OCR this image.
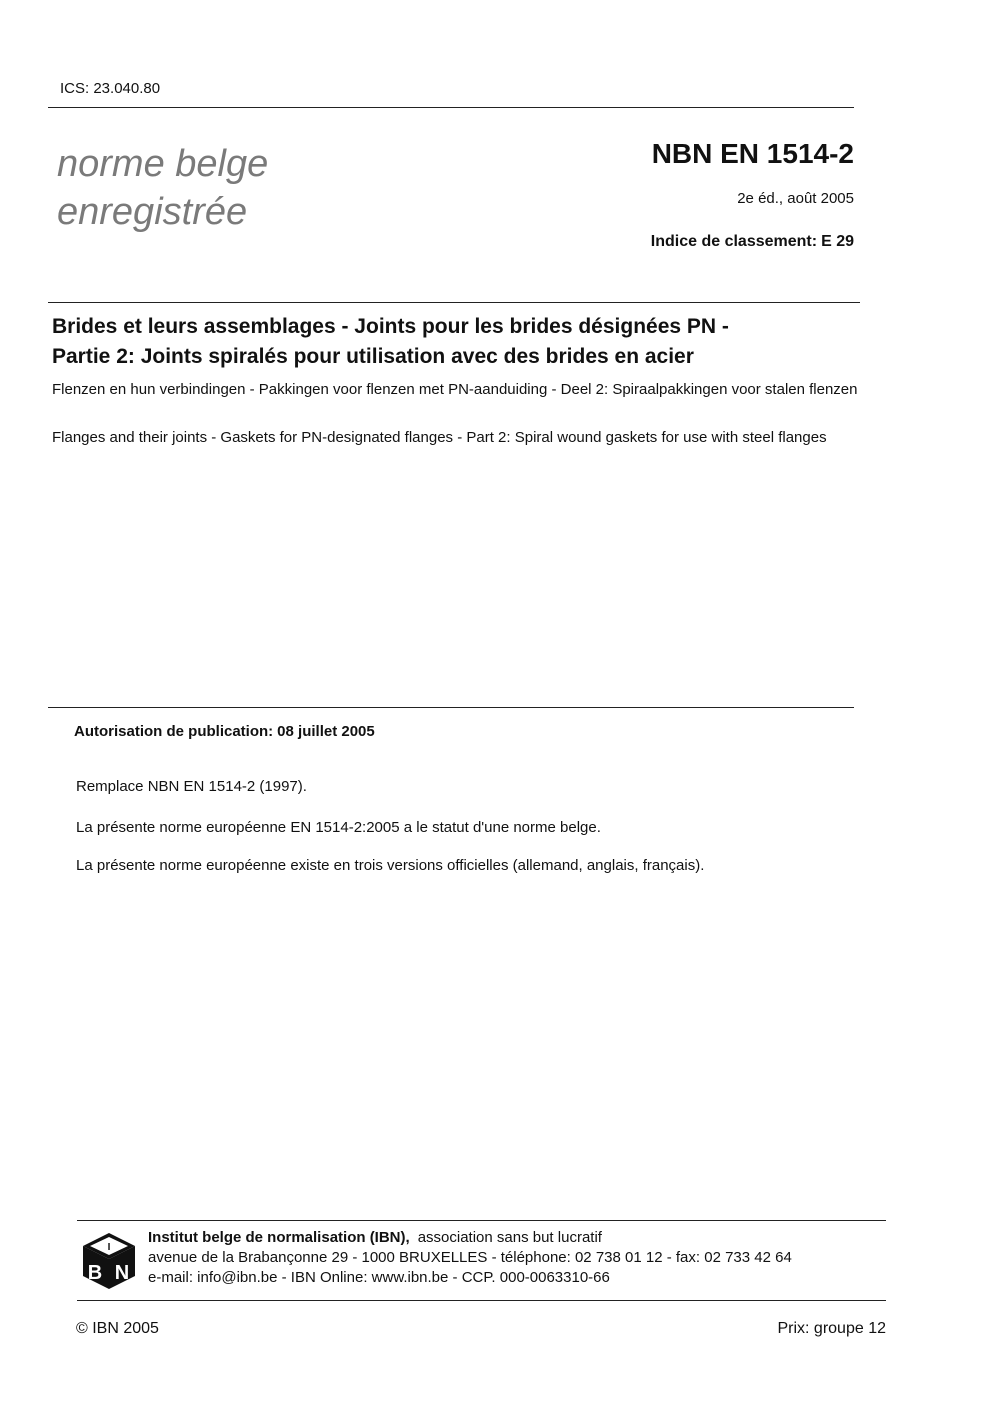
ICS: 23.040.80
norme belge
enregistrée
NBN EN 1514-2
2e éd., août 2005
Indice de classement: E 29
Brides et leurs assemblages - Joints pour les brides désignées PN -
Partie 2: Joints spiralés pour utilisation avec des brides en acier
Flenzen en hun verbindingen - Pakkingen voor flenzen met PN-aanduiding - Deel 2: Spiraalpakkingen voor stalen flenzen
Flanges and their joints - Gaskets for PN-designated flanges - Part 2: Spiral wound gaskets for use with steel flanges
Autorisation de publication: 08 juillet 2005
Remplace NBN EN 1514-2 (1997).
La présente norme européenne EN 1514-2:2005 a le statut d'une norme belge.
La présente norme européenne existe en trois versions officielles (allemand, anglais, français).
I
B N
Institut belge de normalisation (IBN), association sans but lucratif
avenue de la Brabançonne 29 - 1000 BRUXELLES - téléphone: 02 738 01 12 - fax: 02 733 42 64
e-mail: info@ibn.be - IBN Online: www.ibn.be - CCP. 000-0063310-66
© IBN 2005	Prix: groupe 12
